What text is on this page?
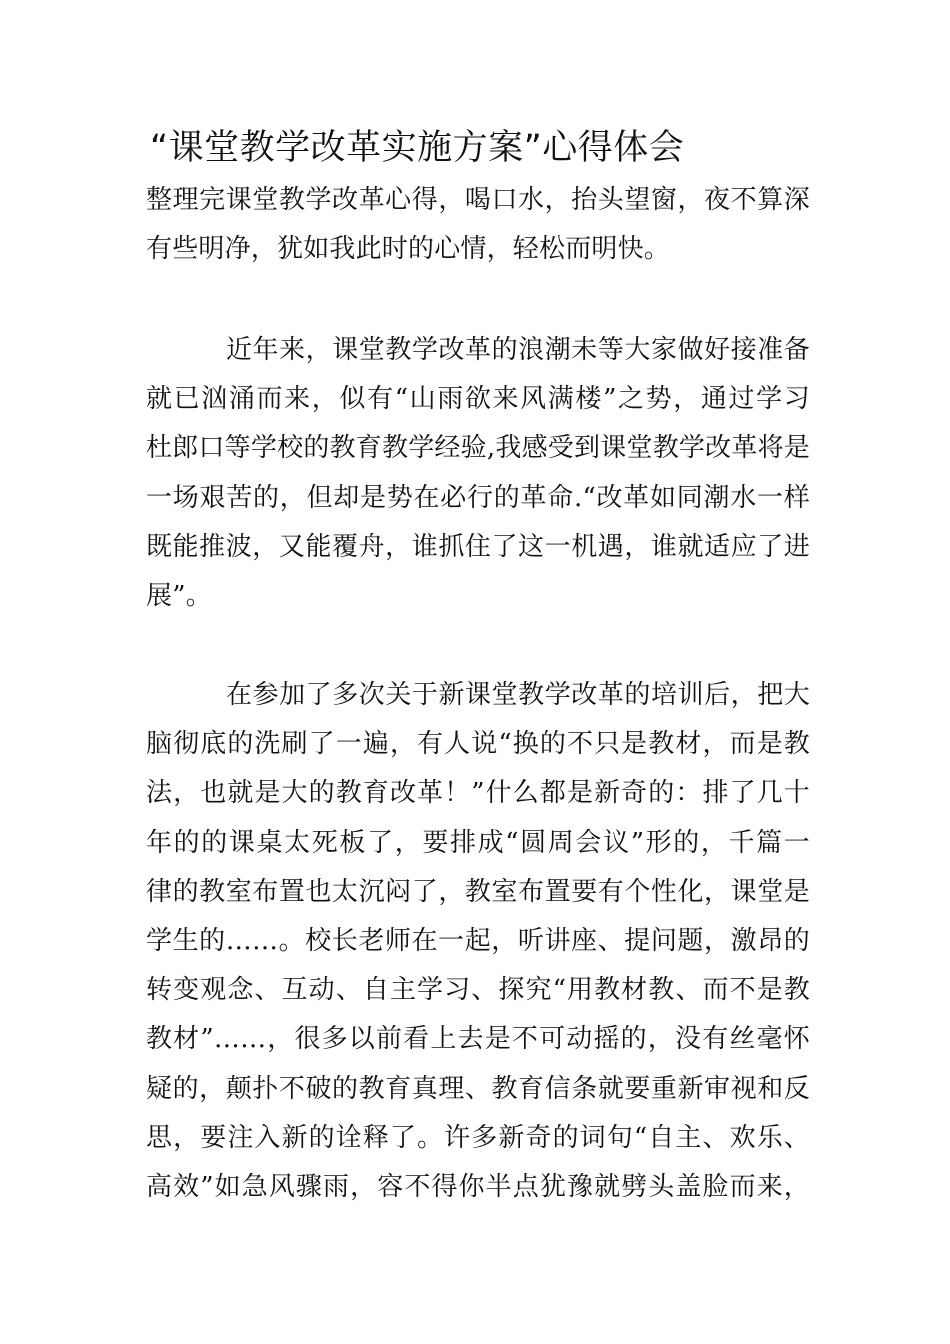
“课堂教学改革实施方案”心得体会
整理完课堂教学改革心得，喝口水，抬头望窗，夜不算深
有些明净，犹如我此时的心情，轻松而明快。
近年来，课堂教学改革的浪潮未等大家做好接准备
就已汹涌而来，似有“山雨欲来风满楼”之势，通过学习
杜郎口等学校的教育教学经验,我感受到课堂教学改革将是
一场艰苦的，但却是势在必行的革命.“改革如同潮水一样
既能推波，又能覆舟，谁抓住了这一机遇，谁就适应了进
展”。
在参加了多次关于新课堂教学改革的培训后，把大
脑彻底的洗刷了一遍，有人说“换的不只是教材，而是教
法，也就是大的教育改革！”什么都是新奇的：排了几十
年的的课桌太死板了，要排成“圆周会议”形的，千篇一
律的教室布置也太沉闷了，教室布置要有个性化，课堂是
学生的……。校长老师在一起，听讲座、提问题，激昂的
转变观念、互动、自主学习、探究“用教材教、而不是教
教材”……，很多以前看上去是不可动摇的，没有丝毫怀
疑的，颠扑不破的教育真理、教育信条就要重新审视和反
思，要注入新的诠释了。许多新奇的词句“自主、欢乐、
高效”如急风骤雨，容不得你半点犹豫就劈头盖脸而来，
